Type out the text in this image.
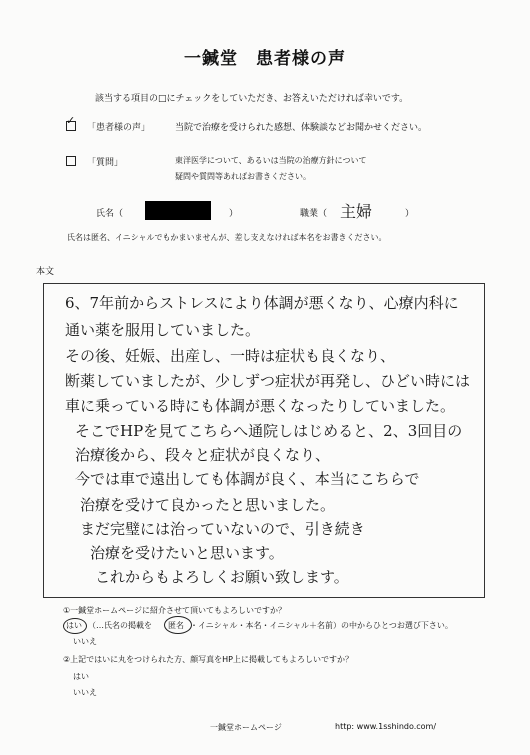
一鍼堂　患者様の声
該当する項目の□にチェックをしていただき、お答えいただければ幸いです。
✓
「患者様の声」	当院で治療を受けられた感想、体験談などお聞かせください。
「質問」	東洋医学について、あるいは当院の治療方針について
疑問や質問等あればお書きください。
氏名（	）	職業（ 主婦	）
氏名は匿名、イニシャルでもかまいませんが、差し支えなければ本名をお書きください。
本文
6、7年前からストレスにより体調が悪くなり、心療内科に
通い薬を服用していました。
その後、妊娠、出産し、一時は症状も良くなり、
断薬していましたが、少しずつ症状が再発し、ひどい時には
車に乗っている時にも体調が悪くなったりしていました。
そこでHPを見てこちらへ通院しはじめると、2、3回目の
治療後から、段々と症状が良くなり、
今では車で遠出しても体調が良く、本当にこちらで
治療を受けて良かったと思いました。
まだ完璧には治っていないので、引き続き
治療を受けたいと思います。
これからもよろしくお願い致します。
①一鍼堂ホームページに紹介させて頂いてもよろしいですか？
はい （ …氏名の掲載を 匿名 ・イニシャル・本名・イニシャル＋名前）の中からひとつお選び下さい。
いいえ
②上記ではいに丸をつけられた方、顔写真をHP上に掲載してもよろしいですか？
はい
いいえ
一鍼堂ホームページ	http: www.1sshindo.com/
